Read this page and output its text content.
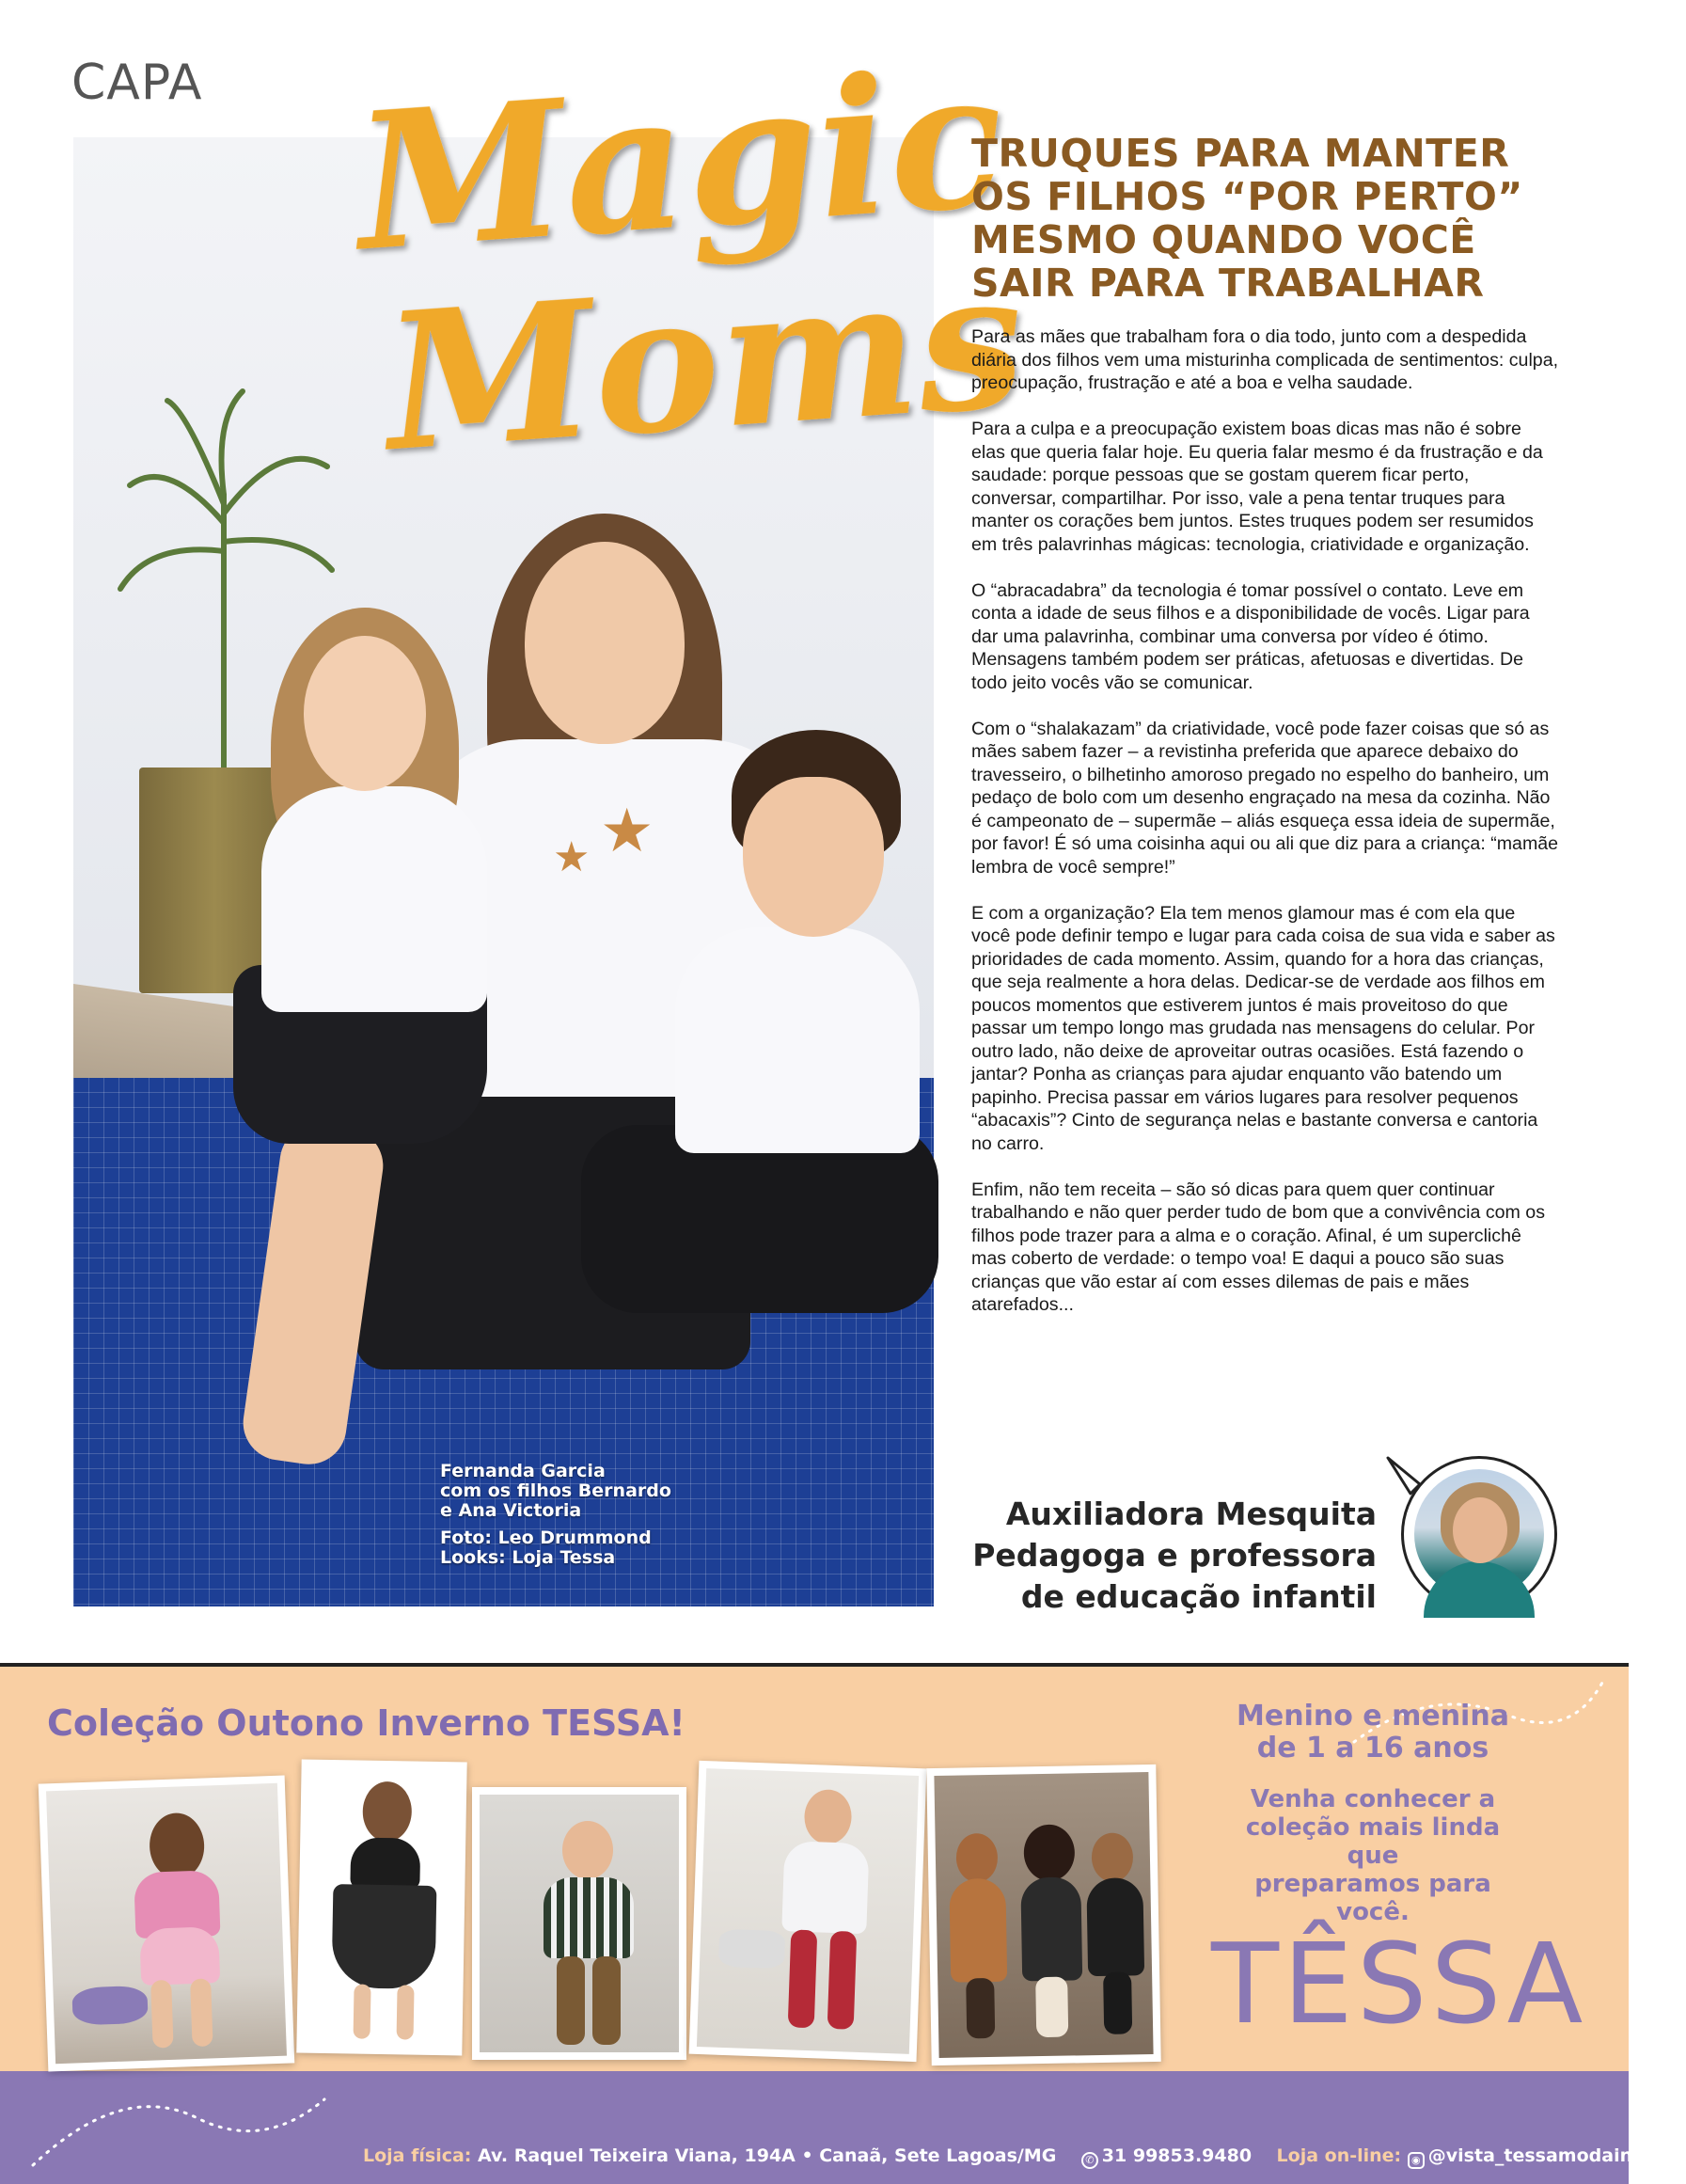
CAPA
★
★
Fernanda Garcia
com os filhos Bernardo
e Ana Victoria
Foto: Leo Drummond
Looks: Loja Tessa
Magic
Moms
TRUQUES PARA MANTER
OS FILHOS “POR PERTO”
MESMO QUANDO VOCÊ
SAIR PARA TRABALHAR

Para as mães que trabalham fora o dia todo, junto com a despedida diária dos filhos vem uma misturinha complicada de sentimentos: culpa, preocupação, frustração e até a boa e velha saudade.

Para a culpa e a preocupação existem boas dicas mas não é sobre elas que queria falar hoje. Eu queria falar mesmo é da frustração e da saudade: porque pessoas que se gostam querem ficar perto, conversar, compartilhar. Por isso, vale a pena tentar truques para manter os corações bem juntos. Estes truques podem ser resumidos em três palavrinhas mágicas: tecnologia, criatividade e organização.

O “abracadabra” da tecnologia é tomar possível o contato. Leve em conta a idade de seus filhos e a disponibilidade de vocês. Ligar para dar uma palavrinha, combinar uma conversa por vídeo é ótimo. Mensagens também podem ser práticas, afetuosas e divertidas. De todo jeito vocês vão se comunicar.

Com o “shalakazam” da criatividade, você pode fazer coisas que só as mães sabem fazer – a revistinha preferida que aparece debaixo do travesseiro, o bilhetinho amoroso pregado no espelho do banheiro, um pedaço de bolo com um desenho engraçado na mesa da cozinha. Não é campeonato de – supermãe – aliás esqueça essa ideia de supermãe, por favor! É só uma coisinha aqui ou ali que diz para a criança: “mamãe lembra de você sempre!”

E com a organização? Ela tem menos glamour mas é com ela que você pode definir tempo e lugar para cada coisa de sua vida e saber as prioridades de cada momento. Assim, quando for a hora das crianças, que seja realmente a hora delas. Dedicar-se de verdade aos filhos em poucos momentos que estiverem juntos é mais proveitoso do que passar um tempo longo mas grudada nas mensagens do celular. Por outro lado, não deixe de aproveitar outras ocasiões. Está fazendo o jantar? Ponha as crianças para ajudar enquanto vão batendo um papinho. Precisa passar em vários lugares para resolver pequenos “abacaxis”? Cinto de segurança nelas e bastante conversa e cantoria no carro.

Enfim, não tem receita – são só dicas para quem quer continuar trabalhando e não quer perder tudo de bom que a convivência com os filhos pode trazer para a alma e o coração. Afinal, é um superclichê mas coberto de verdade: o tempo voa! E daqui a pouco são suas crianças que vão estar aí com esses dilemas de pais e mães atarefados...

Auxiliadora Mesquita
Pedagoga e professora
de educação infantil
Coleção Outono Inverno TESSA!	Menino e menina
de 1 a 16 anos
Venha conhecer a
coleção mais linda que
preparamos para você.
TÊSSA
Loja física: Av. Raquel Teixeira Viana, 194A • Canaã, Sete Lagoas/MG	✆ 31 99853.9480 Loja on-line: ◉ @vista_tessamodainfantil
